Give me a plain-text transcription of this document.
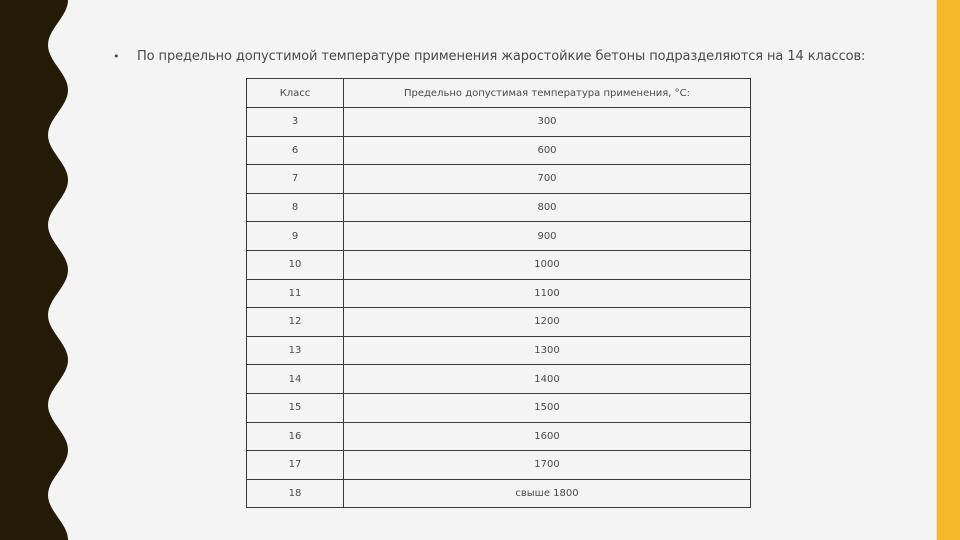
•	По предельно допустимой температуре применения жаростойкие бетоны подразделяются на 14 классов:
Класс	Предельно допустимая температура применения, °С:
3	300
6	600
7	700
8	800
9	900
10	1000
11	1100
12	1200
13	1300
14	1400
15	1500
16	1600
17	1700
18	свыше 1800
